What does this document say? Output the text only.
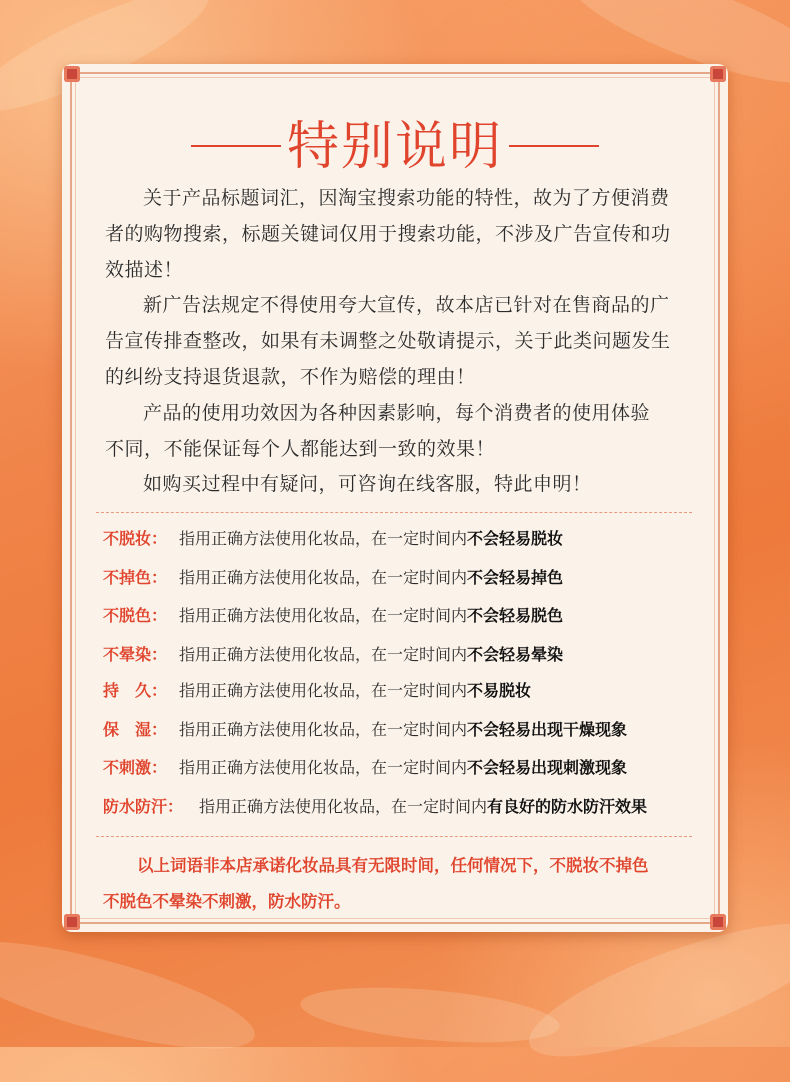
特别说明
关于产品标题词汇，因淘宝搜索功能的特性，故为了方便消费
者的购物搜索，标题关键词仅用于搜索功能，不涉及广告宣传和功
效描述！
新广告法规定不得使用夸大宣传，故本店已针对在售商品的广
告宣传排查整改，如果有未调整之处敬请提示，关于此类问题发生
的纠纷支持退货退款，不作为赔偿的理由！
产品的使用功效因为各种因素影响，每个消费者的使用体验
不同，不能保证每个人都能达到一致的效果！
如购买过程中有疑问，可咨询在线客服，特此申明！
不脱妆： 指用正确方法使用化妆品，在一定时间内不会轻易脱妆
不掉色： 指用正确方法使用化妆品，在一定时间内不会轻易掉色
不脱色： 指用正确方法使用化妆品，在一定时间内不会轻易脱色
不晕染： 指用正确方法使用化妆品，在一定时间内不会轻易晕染
持　久： 指用正确方法使用化妆品，在一定时间内不易脱妆
保　湿： 指用正确方法使用化妆品，在一定时间内不会轻易出现干燥现象
不刺激： 指用正确方法使用化妆品，在一定时间内不会轻易出现刺激现象
防水防汗： 指用正确方法使用化妆品，在一定时间内有良好的防水防汗效果
以上词语非本店承诺化妆品具有无限时间，任何情况下，不脱妆不掉色
不脱色不晕染不刺激，防水防汗。
